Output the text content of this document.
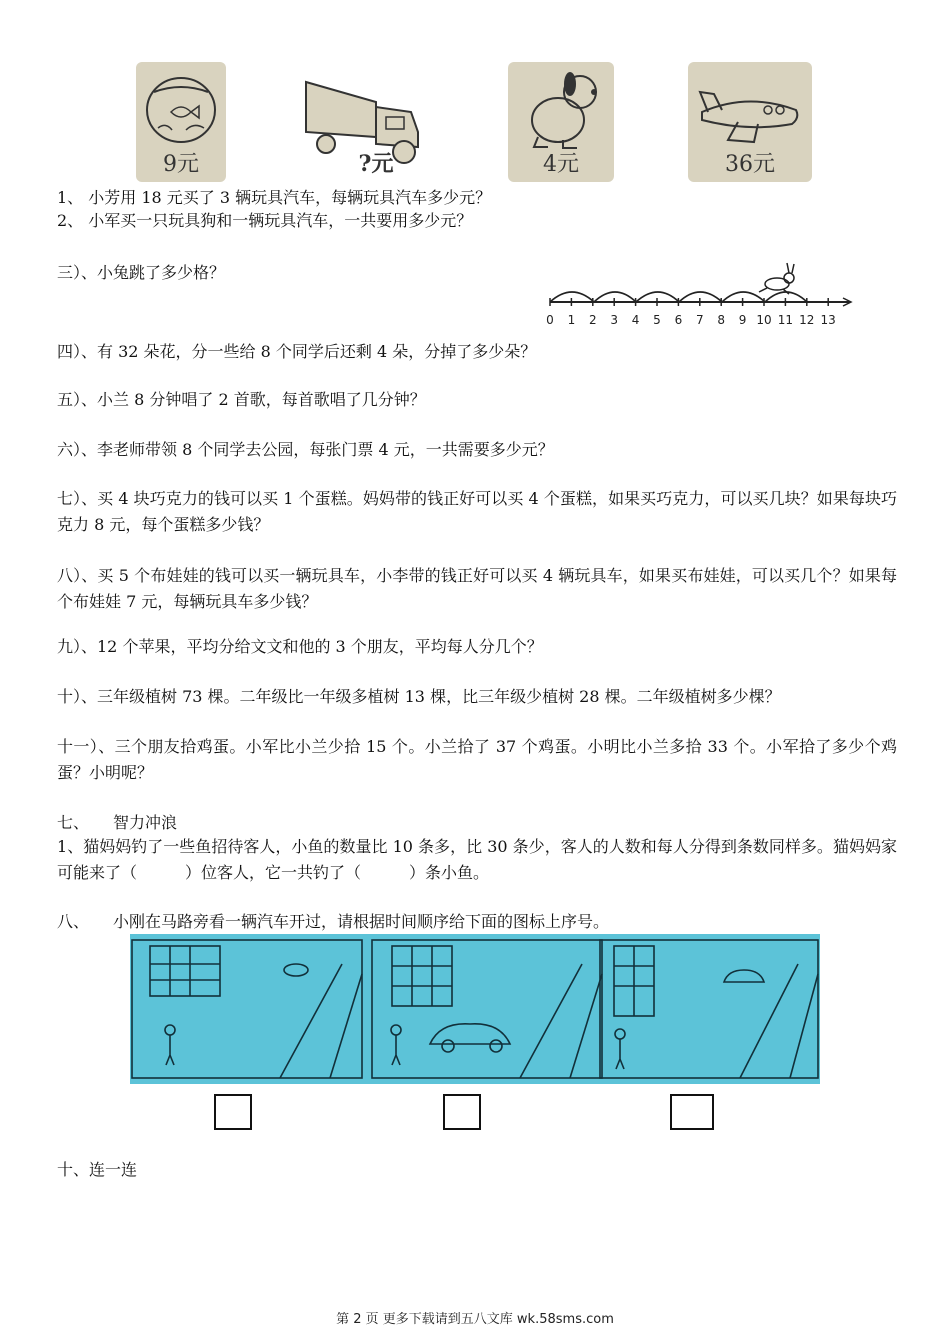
9元	?元	4元	36元
1、 小芳用 18 元买了 3 辆玩具汽车，每辆玩具汽车多少元？
2、 小军买一只玩具狗和一辆玩具汽车，一共要用多少元？
三）、小兔跳了多少格？
0 1 2 3 4 5 6 7 8 9 10 11 12 13
四）、有 32 朵花，分一些给 8 个同学后还剩 4 朵，分掉了多少朵？
五）、小兰 8 分钟唱了 2 首歌，每首歌唱了几分钟？
六）、李老师带领 8 个同学去公园，每张门票 4 元，一共需要多少元？
七）、买 4 块巧克力的钱可以买 1 个蛋糕。妈妈带的钱正好可以买 4 个蛋糕，如果买巧克力，可以买几块？如果每块巧克力 8 元，每个蛋糕多少钱？
八）、买 5 个布娃娃的钱可以买一辆玩具车，小李带的钱正好可以买 4 辆玩具车，如果买布娃娃，可以买几个？如果每个布娃娃 7 元，每辆玩具车多少钱？
九）、12 个苹果，平均分给文文和他的 3 个朋友，平均每人分几个？
十）、三年级植树 73 棵。二年级比一年级多植树 13 棵，比三年级少植树 28 棵。二年级植树多少棵？
十一）、三个朋友拾鸡蛋。小军比小兰少拾 15 个。小兰拾了 37 个鸡蛋。小明比小兰多拾 33 个。小军拾了多少个鸡蛋？小明呢？
七、　　智力冲浪
1、猫妈妈钓了一些鱼招待客人，小鱼的数量比 10 条多，比 30 条少，客人的人数和每人分得到条数同样多。猫妈妈家可能来了（　　　）位客人，它一共钓了（　　　）条小鱼。
八、　　小刚在马路旁看一辆汽车开过，请根据时间顺序给下面的图标上序号。
十、连一连
第 2 页 更多下载请到五八文库 wk.58sms.com
